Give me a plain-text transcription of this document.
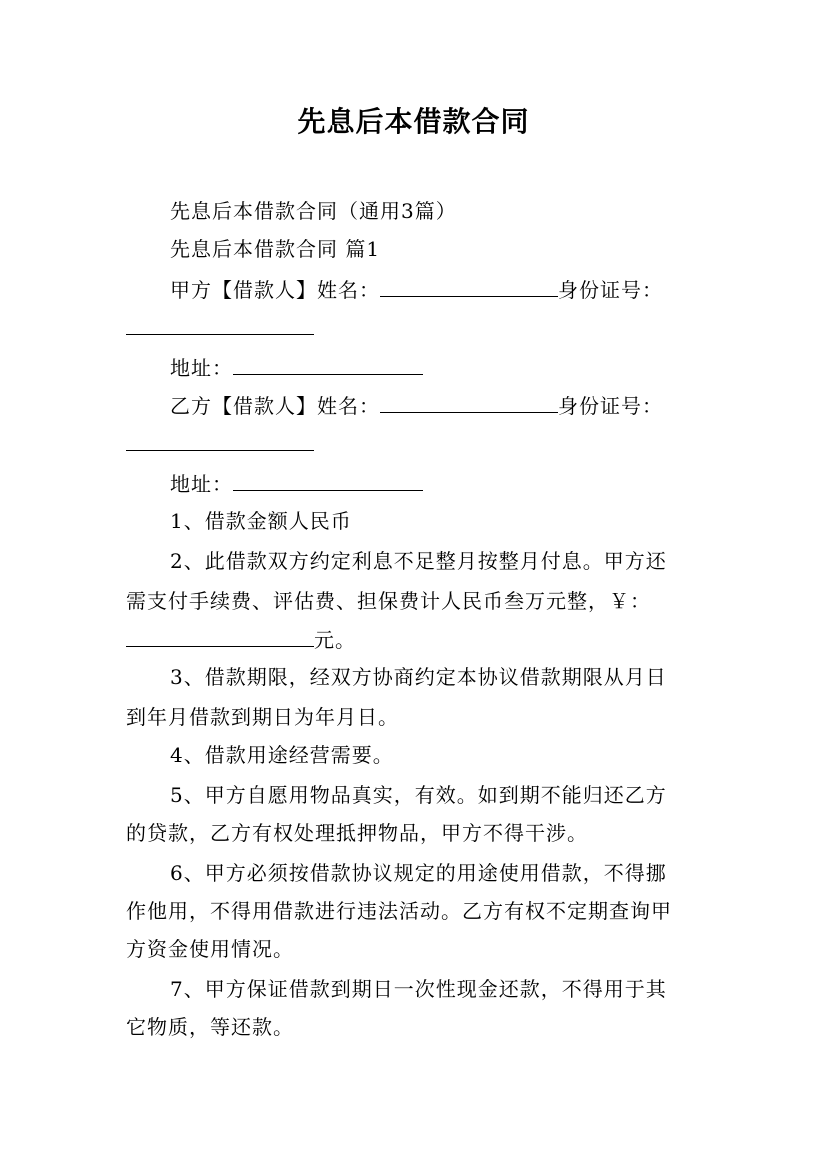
先息后本借款合同
先息后本借款合同（通用3篇）
先息后本借款合同 篇1
甲方【借款人】姓名：	身份证号：
地址：
乙方【借款人】姓名：	身份证号：
地址：
1、借款金额人民币
2、此借款双方约定利息不足整月按整月付息。甲方还
需支付手续费、评估费、担保费计人民币叁万元整，￥：
元。
3、借款期限，经双方协商约定本协议借款期限从月日
到年月借款到期日为年月日。
4、借款用途经营需要。
5、甲方自愿用物品真实，有效。如到期不能归还乙方
的贷款，乙方有权处理抵押物品，甲方不得干涉。
6、甲方必须按借款协议规定的用途使用借款，不得挪
作他用，不得用借款进行违法活动。乙方有权不定期查询甲
方资金使用情况。
7、甲方保证借款到期日一次性现金还款，不得用于其
它物质，等还款。
